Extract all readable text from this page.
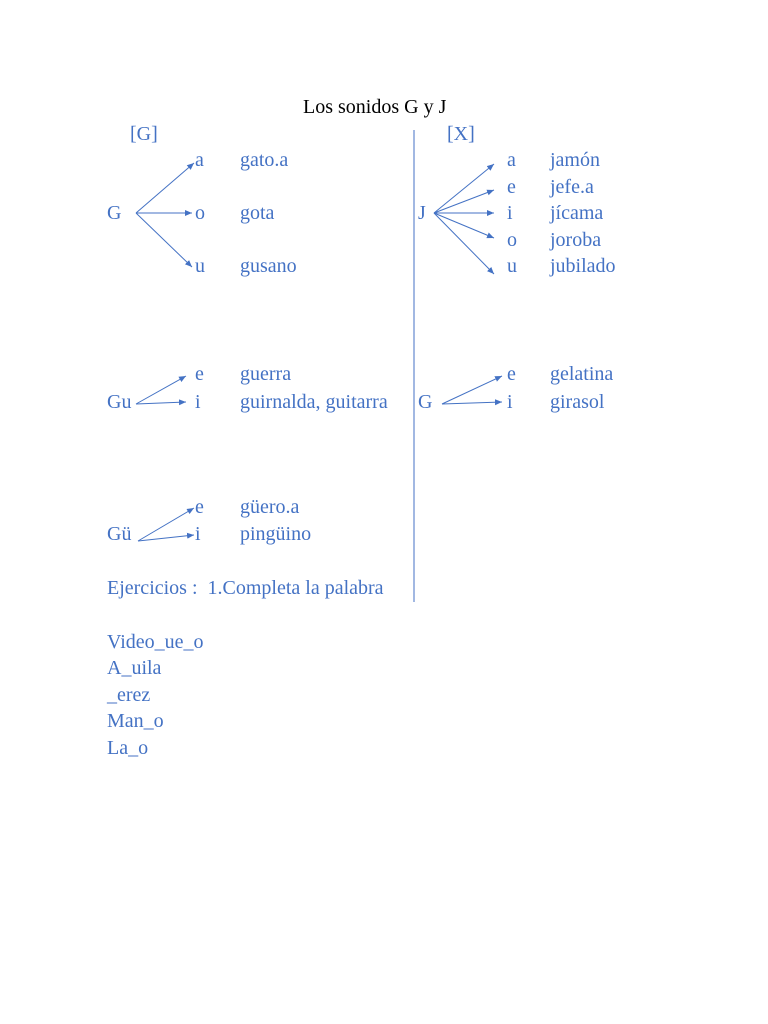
Los sonidos G y J
[G]	[X]
G
a gato.a
o gota
u gusano
J
a jamón
e jefe.a
i jícama
o joroba
u jubilado
Gu
e guerra
i guirnalda, guitarra G
e gelatina
i girasol
Gü
e güero.a
i pingüino
Ejercicios :  1.Completa la palabra
Video_ue_o
A_uila
_erez
Man_o
La_o
